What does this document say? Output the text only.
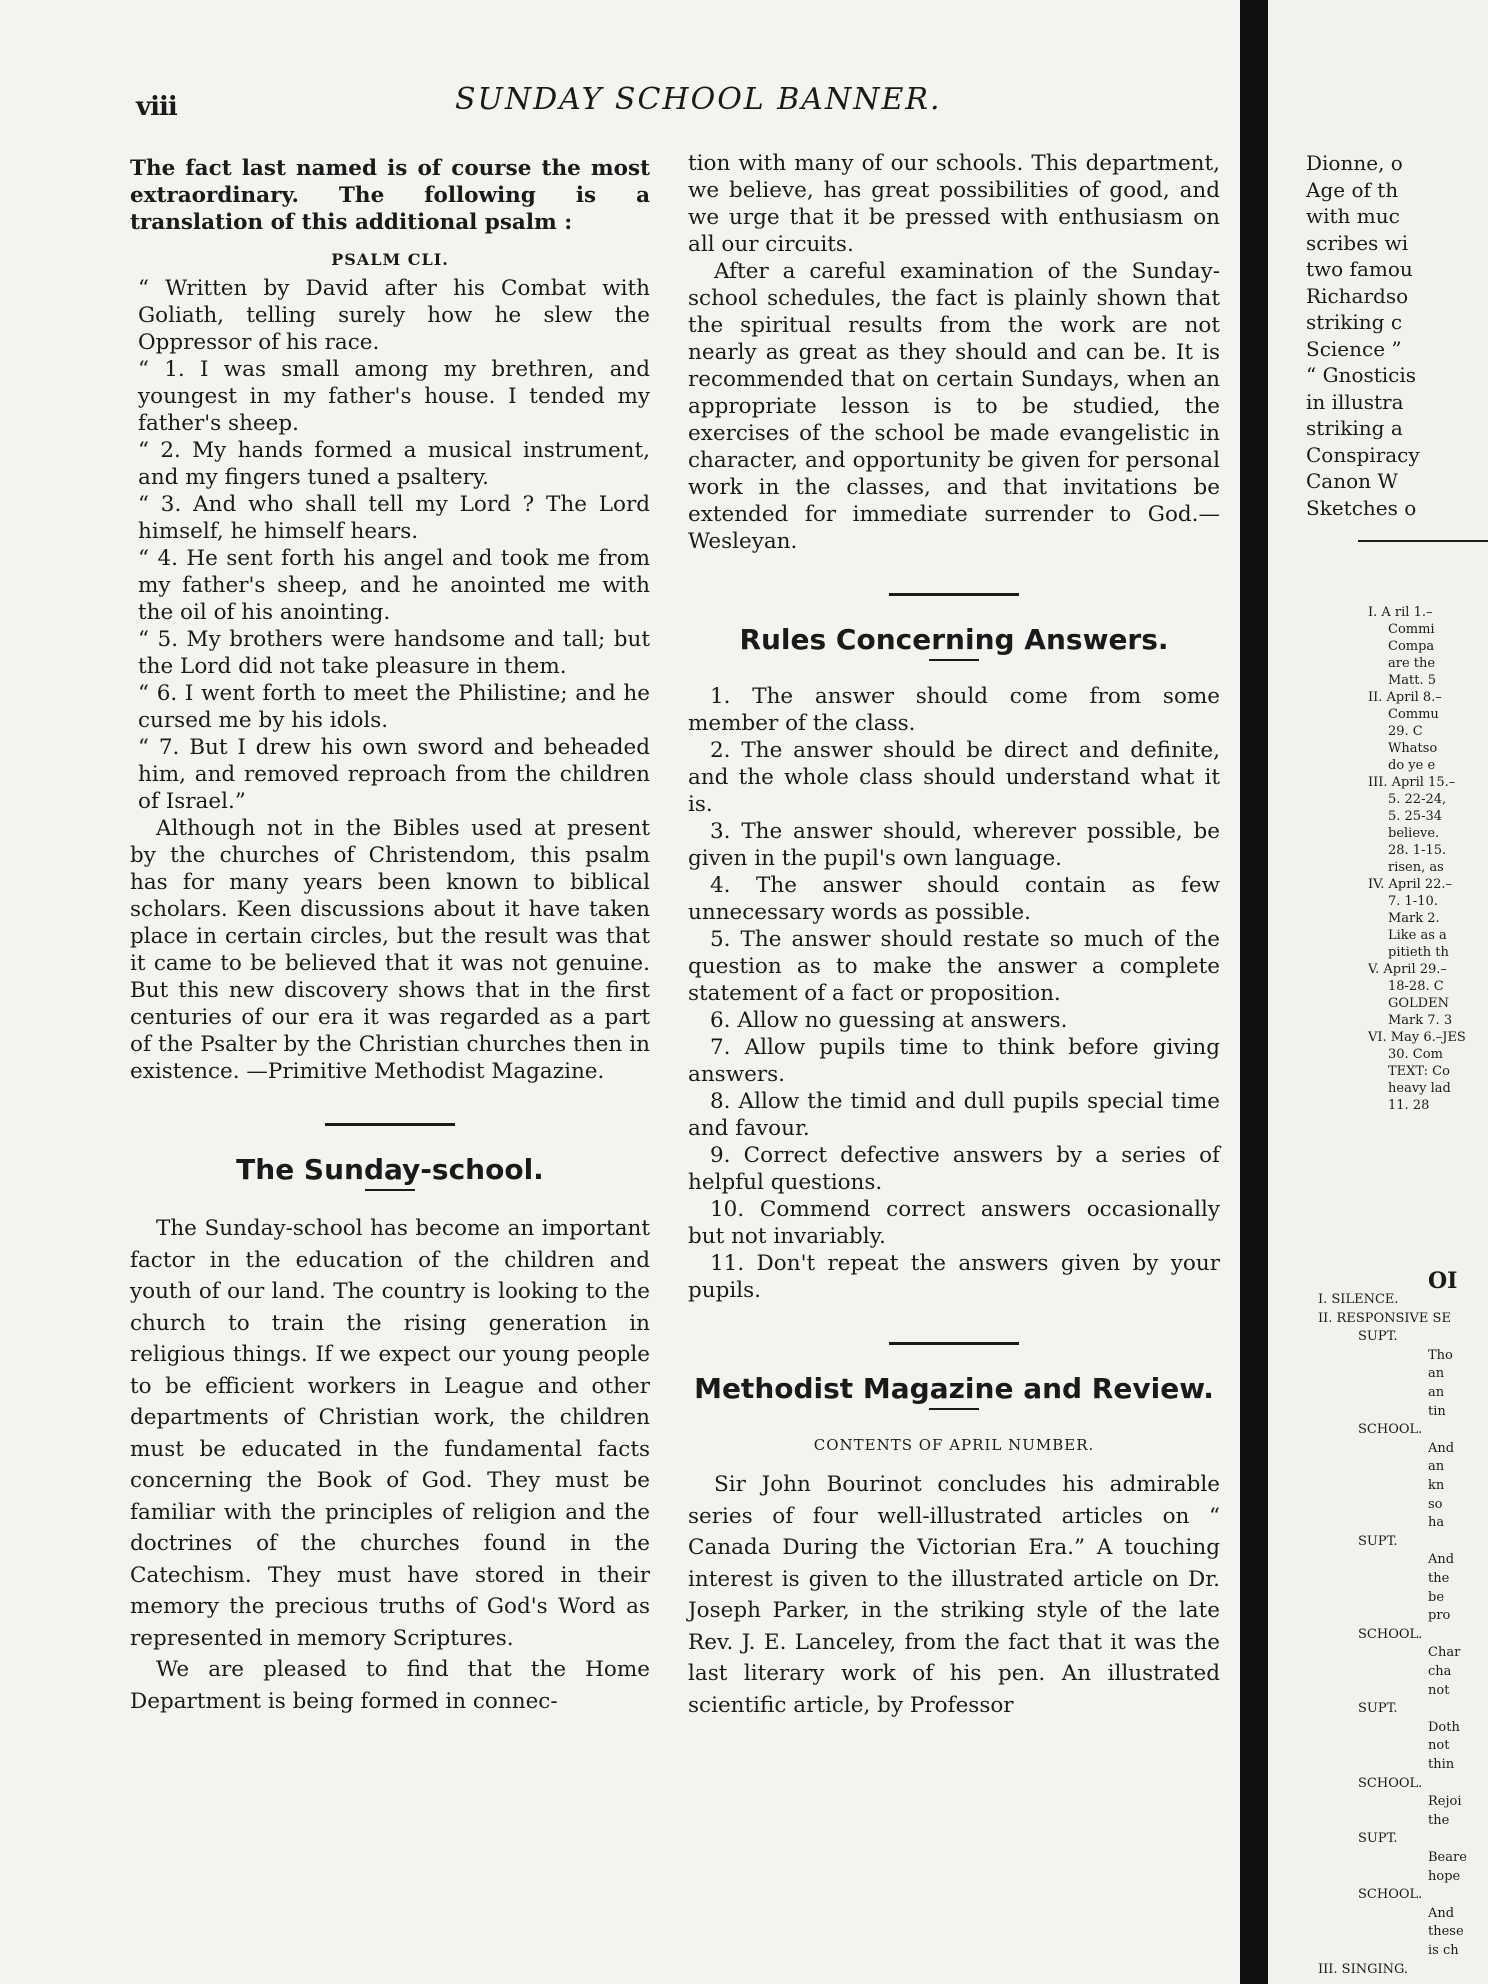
viii	SUNDAY SCHOOL BANNER.

The fact last named is of course the most extraordinary. The following is a translation of this additional psalm :

PSALM CLI.

“ Written by David after his Combat with Goliath, telling surely how he slew the Oppressor of his race.

“ 1. I was small among my brethren, and youngest in my father's house. I tended my father's sheep.

“ 2. My hands formed a musical instrument, and my fingers tuned a psaltery.

“ 3. And who shall tell my Lord ? The Lord himself, he himself hears.

“ 4. He sent forth his angel and took me from my father's sheep, and he anointed me with the oil of his anointing.

“ 5. My brothers were handsome and tall; but the Lord did not take pleasure in them.

“ 6. I went forth to meet the Philistine; and he cursed me by his idols.

“ 7. But I drew his own sword and beheaded him, and removed reproach from the children of Israel.”

Although not in the Bibles used at present by the churches of Christendom, this psalm has for many years been known to biblical scholars. Keen discussions about it have taken place in certain circles, but the result was that it came to be believed that it was not genuine. But this new discovery shows that in the first centuries of our era it was regarded as a part of the Psalter by the Christian churches then in existence. —Primitive Methodist Magazine.

The Sunday-school.

The Sunday-school has become an important factor in the education of the children and youth of our land. The country is looking to the church to train the rising generation in religious things. If we expect our young people to be efficient workers in League and other departments of Christian work, the children must be educated in the fundamental facts concerning the Book of God. They must be familiar with the principles of religion and the doctrines of the churches found in the Catechism. They must have stored in their memory the precious truths of God's Word as represented in memory Scriptures.

We are pleased to find that the Home Department is being formed in connec-

tion with many of our schools. This department, we believe, has great possibilities of good, and we urge that it be pressed with enthusiasm on all our circuits.

After a careful examination of the Sunday-school schedules, the fact is plainly shown that the spiritual results from the work are not nearly as great as they should and can be. It is recommended that on certain Sundays, when an appropriate lesson is to be studied, the exercises of the school be made evangelistic in character, and opportunity be given for personal work in the classes, and that invitations be extended for immediate surrender to God.—Wesleyan.

Rules Concerning Answers.

1. The answer should come from some member of the class.

2. The answer should be direct and definite, and the whole class should understand what it is.

3. The answer should, wherever possible, be given in the pupil's own language.

4. The answer should contain as few unnecessary words as possible.

5. The answer should restate so much of the question as to make the answer a complete statement of a fact or proposition.

6. Allow no guessing at answers.

7. Allow pupils time to think before giving answers.

8. Allow the timid and dull pupils special time and favour.

9. Correct defective answers by a series of helpful questions.

10. Commend correct answers occasionally but not invariably.

11. Don't repeat the answers given by your pupils.

Methodist Magazine and Review.
CONTENTS OF APRIL NUMBER.

Sir John Bourinot concludes his admirable series of four well-illustrated articles on “ Canada During the Victorian Era.” A touching interest is given to the illustrated article on Dr. Joseph Parker, in the striking style of the late Rev. J. E. Lanceley, from the fact that it was the last literary work of his pen. An illustrated scientific article, by Professor

Dionne, o
Age of th
with muc
scribes wi
two famou
Richardso
striking c
Science ”
“ Gnosticis
in illustra
striking a
Conspiracy
Canon W
Sketches o
I. A ril 1.–
Commi
Compa
are the
Matt. 5
II. April 8.–
Commu
29. C
Whatso
do ye e
III. April 15.–
5. 22-24,
5. 25-34
believe.
28. 1-15.
risen, as
IV. April 22.–
7. 1-10.
Mark 2.
Like as a
pitieth th
V. April 29.–
18-28. C
GOLDEN
Mark 7. 3
VI. May 6.–JES
30. Com
TEXT: Co
heavy lad
11. 28
OI
I. SILENCE.
II. RESPONSIVE SE
SUPT.
Tho
an
an
tin
SCHOOL.
And
an
kn
so
ha
SUPT.
And
the
be
pro
SCHOOL.
Char
cha
not
SUPT.
Doth
not
thin
SCHOOL.
Rejoi
the
SUPT.
Beare
hope
SCHOOL.
And
these
is ch
III. SINGING.
